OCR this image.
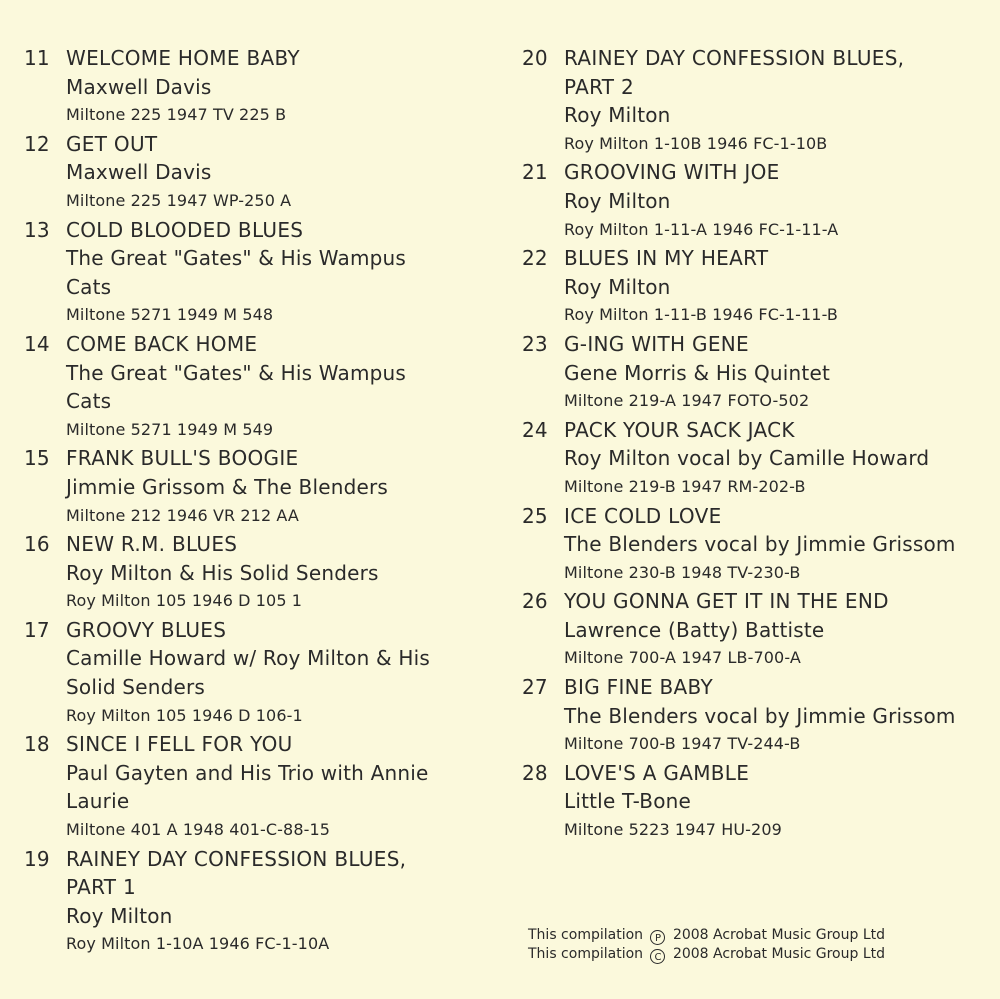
11 WELCOME HOME BABY
Maxwell Davis
Miltone 225 1947 TV 225 B
12 GET OUT
Maxwell Davis
Miltone 225 1947 WP-250 A
13 COLD BLOODED BLUES
The Great "Gates" & His Wampus
Cats
Miltone 5271 1949 M 548
14 COME BACK HOME
The Great "Gates" & His Wampus
Cats
Miltone 5271 1949 M 549
15 FRANK BULL'S BOOGIE
Jimmie Grissom & The Blenders
Miltone 212 1946 VR 212 AA
16 NEW R.M. BLUES
Roy Milton & His Solid Senders
Roy Milton 105 1946 D 105 1
17 GROOVY BLUES
Camille Howard w/ Roy Milton & His
Solid Senders
Roy Milton 105 1946 D 106-1
18 SINCE I FELL FOR YOU
Paul Gayten and His Trio with Annie
Laurie
Miltone 401 A 1948 401-C-88-15
19 RAINEY DAY CONFESSION BLUES,
PART 1
Roy Milton
Roy Milton 1-10A 1946 FC-1-10A
20 RAINEY DAY CONFESSION BLUES,
PART 2
Roy Milton
Roy Milton 1-10B 1946 FC-1-10B
21 GROOVING WITH JOE
Roy Milton
Roy Milton 1-11-A 1946 FC-1-11-A
22 BLUES IN MY HEART
Roy Milton
Roy Milton 1-11-B 1946 FC-1-11-B
23 G-ING WITH GENE
Gene Morris & His Quintet
Miltone 219-A 1947 FOTO-502
24 PACK YOUR SACK JACK
Roy Milton vocal by Camille Howard
Miltone 219-B 1947 RM-202-B
25 ICE COLD LOVE
The Blenders vocal by Jimmie Grissom
Miltone 230-B 1948 TV-230-B
26 YOU GONNA GET IT IN THE END
Lawrence (Batty) Battiste
Miltone 700-A 1947 LB-700-A
27 BIG FINE BABY
The Blenders vocal by Jimmie Grissom
Miltone 700-B 1947 TV-244-B
28 LOVE'S A GAMBLE
Little T-Bone
Miltone 5223 1947 HU-209
This compilation P 2008 Acrobat Music Group Ltd
This compilation C 2008 Acrobat Music Group Ltd
